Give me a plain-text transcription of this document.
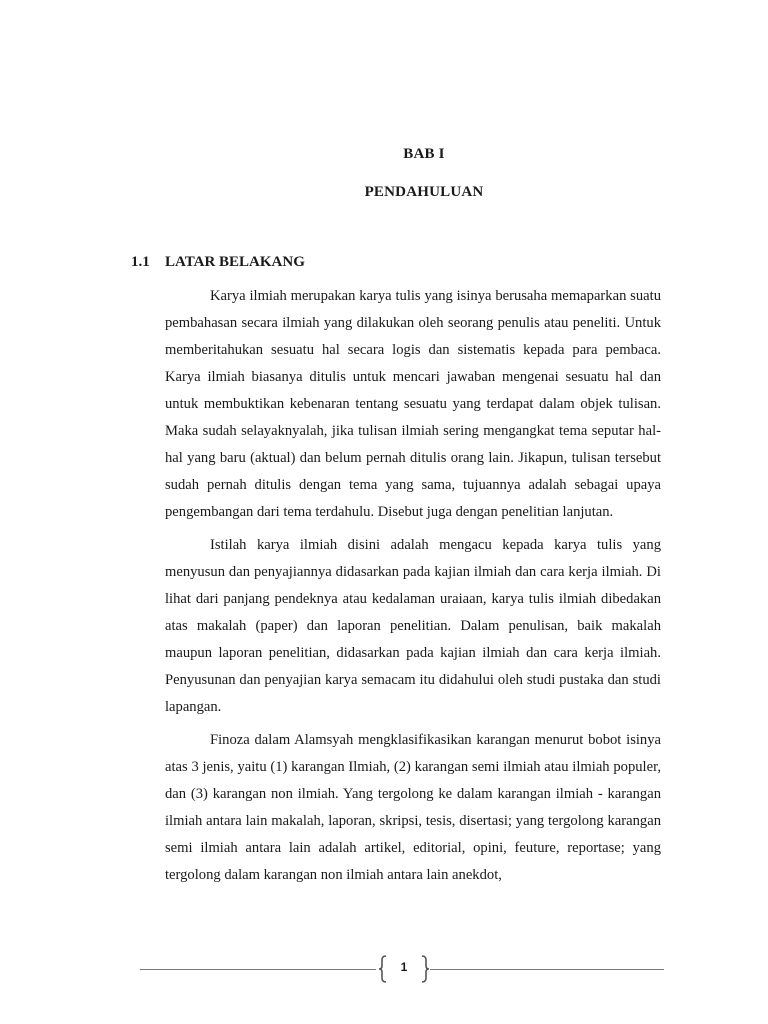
BAB I
PENDAHULUAN
1.1 LATAR BELAKANG

Karya ilmiah merupakan karya tulis yang isinya berusaha memaparkan suatu pembahasan secara ilmiah yang dilakukan oleh seorang penulis atau peneliti. Untuk memberitahukan sesuatu hal secara logis dan sistematis kepada para pembaca. Karya ilmiah biasanya ditulis untuk mencari jawaban mengenai sesuatu hal dan untuk membuktikan kebenaran tentang sesuatu yang terdapat dalam objek tulisan. Maka sudah selayaknyalah, jika tulisan ilmiah sering mengangkat tema seputar hal-hal yang baru (aktual) dan belum pernah ditulis orang lain. Jikapun, tulisan tersebut sudah pernah ditulis dengan tema yang sama, tujuannya adalah sebagai upaya pengembangan dari tema terdahulu. Disebut juga dengan penelitian lanjutan.

Istilah karya ilmiah disini adalah mengacu kepada karya tulis yang menyusun dan penyajiannya didasarkan pada kajian ilmiah dan cara kerja ilmiah. Di lihat dari panjang pendeknya atau kedalaman uraiaan, karya tulis ilmiah dibedakan atas makalah (paper) dan laporan penelitian. Dalam penulisan, baik makalah maupun laporan penelitian, didasarkan pada kajian ilmiah dan cara kerja ilmiah. Penyusunan dan penyajian karya semacam itu didahului oleh studi pustaka dan studi lapangan.

Finoza dalam Alamsyah mengklasifikasikan karangan menurut bobot isinya atas 3 jenis, yaitu (1) karangan Ilmiah, (2) karangan semi ilmiah atau ilmiah populer, dan (3) karangan non ilmiah. Yang tergolong ke dalam karangan ilmiah - karangan ilmiah antara lain makalah, laporan, skripsi, tesis, disertasi; yang tergolong karangan semi ilmiah antara lain adalah artikel, editorial, opini, feuture, reportase; yang tergolong dalam karangan non ilmiah antara lain anekdot,

1
